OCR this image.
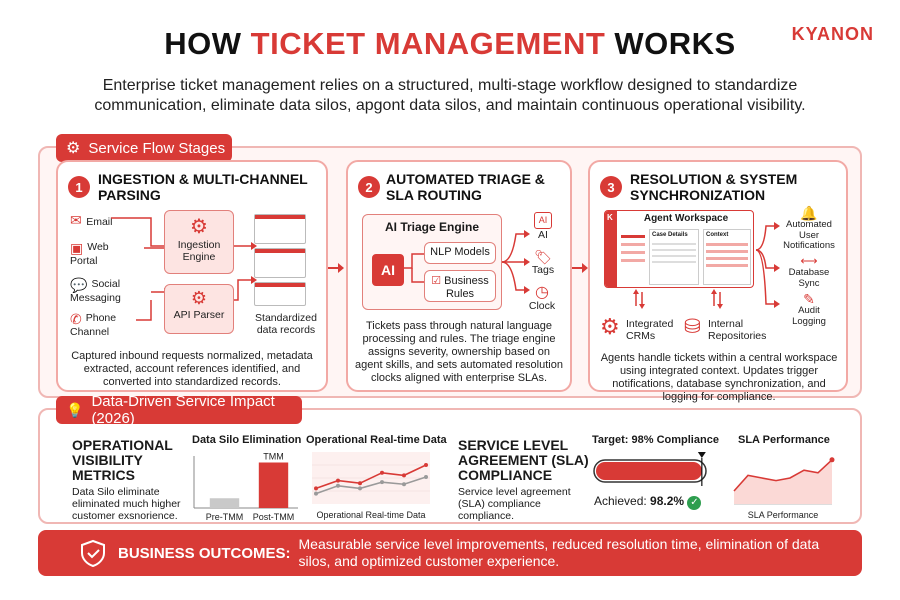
HOW TICKET MANAGEMENT WORKS	KYANON
Enterprise ticket management relies on a structured, multi-stage workflow designed to standardize communication, eliminate data silos, apgont data silos, and maintain continuous operational visibility.
⚙ Service Flow Stages
1	INGESTION & MULTI-CHANNEL PARSING
✉ Email
▣ Web Portal
💬 Social Messaging
✆ Phone Channel
⚙
Ingestion Engine
⚙
API Parser	Standardized data records
Captured inbound requests normalized, metadata extracted, account references identified, and converted into standardized records.
2 AUTOMATED TRIAGE & SLA ROUTING
AI Triage Engine
AI
NLP Models
☑ Business Rules
AI
AI
🏷
Tags
◷
Clock
Tickets pass through natural language processing and rules. The triage engine assigns severity, ownership based on agent skills, and sets automated resolution clocks aligned with enterprise SLAs.
3	RESOLUTION & SYSTEM SYNCHRONIZATION
K	Agent Workspace
Case Details	Context
🔔
Automated User Notifications
⟷
Database Sync
✎
Audit Logging
⚙ Integrated CRMs	⛁ Internal Repositories
Agents handle tickets within a central workspace using integrated context. Updates trigger notifications, database synchronization, and logging for compliance.
💡 Data-Driven Service Impact (2026)
OPERATIONAL VISIBILITY METRICS
Data Silo eliminate eliminated much higher customer exsnorience.
Data Silo Elimination
Pre-TMM Post-TMM
TMM
Operational Real-time Data
Operational Real-time Data
SERVICE LEVEL AGREEMENT (SLA) COMPLIANCE
Service level agreement (SLA) compliance compliance.
Target: 98% Compliance
Achieved: 98.2% ✓
SLA Performance
SLA Performance
BUSINESS OUTCOMES:
Measurable service level improvements, reduced resolution time, elimination of data silos, and optimized customer experience.
